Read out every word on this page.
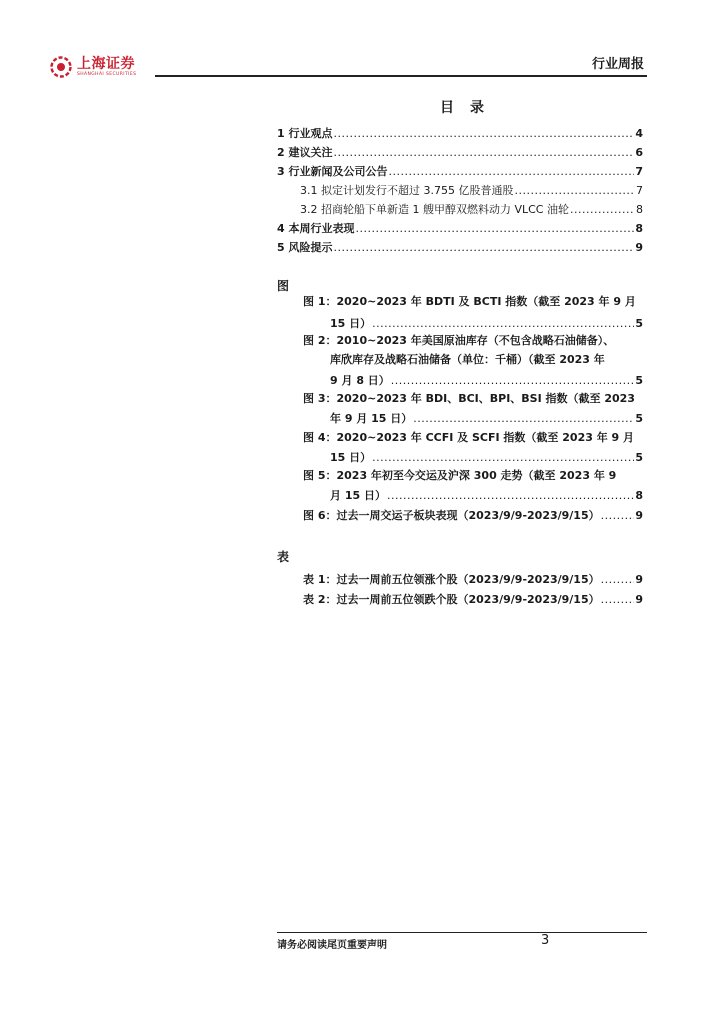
上海证券
SHANGHAI SECURITIES
行业周报
目录
1 行业观点 .....	4
2 建议关注 .....	6
3 行业新闻及公司公告 .....	7
3.1 拟定计划发行不超过 3.755 亿股普通股 .....	7
3.2 招商轮船下单新造 1 艘甲醇双燃料动力 VLCC 油轮 .....	8
4 本周行业表现 .....	8
5 风险提示 .....	9
图
图 1：2020~2023 年 BDTI 及 BCTI 指数（截至 2023 年 9 月
15 日） .....	5
图 2：2010~2023 年美国原油库存（不包含战略石油储备）、
库欣库存及战略石油储备（单位：千桶）（截至 2023 年
9 月 8 日） .....	5
图 3：2020~2023 年 BDI、BCI、BPI、BSI 指数（截至 2023
年 9 月 15 日） .....	5
图 4：2020~2023 年 CCFI 及 SCFI 指数（截至 2023 年 9 月
15 日） .....	5
图 5：2023 年初至今交运及沪深 300 走势（截至 2023 年 9
月 15 日） .....	8
图 6：过去一周交运子板块表现（2023/9/9-2023/9/15） .....	9
表
表 1：过去一周前五位领涨个股（2023/9/9-2023/9/15） .....	9
表 2：过去一周前五位领跌个股（2023/9/9-2023/9/15） .....	9
请务必阅读尾页重要声明	3
